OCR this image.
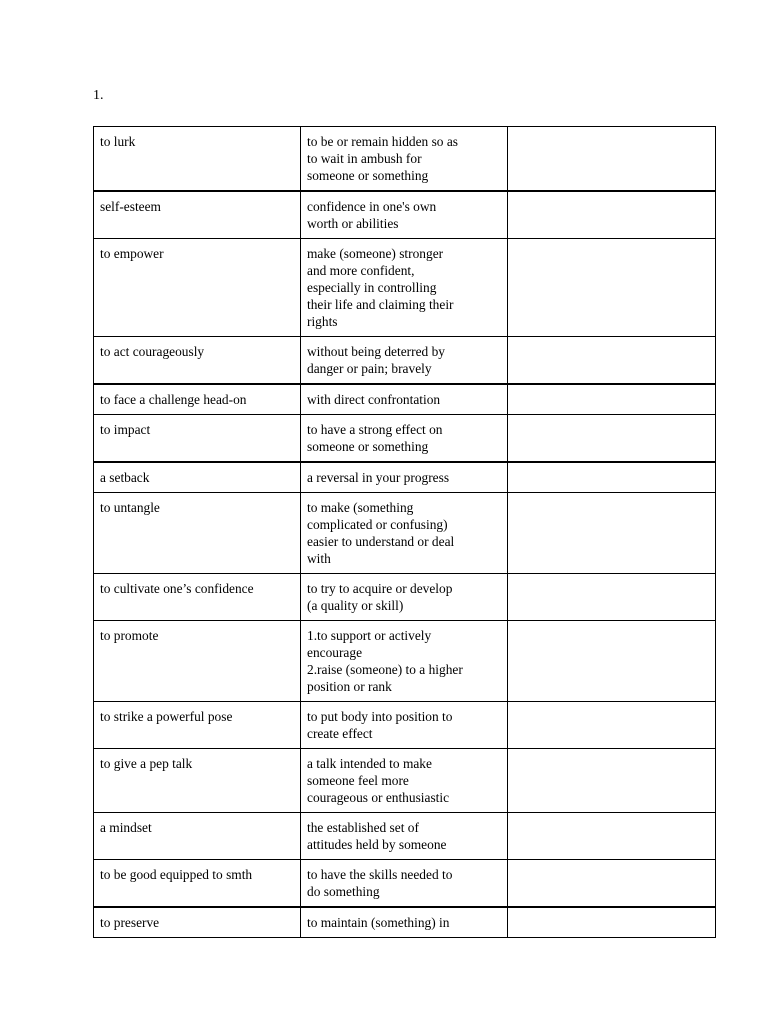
1.
to lurk	to be or remain hidden so as
to wait in ambush for
someone or something	
self-esteem	confidence in one's own
worth or abilities	
to empower	make (someone) stronger
and more confident,
especially in controlling
their life and claiming their
rights	
to act courageously	without being deterred by
danger or pain; bravely	
to face a challenge head-on	with direct confrontation	
to impact	to have a strong effect on
someone or something	
a setback	a reversal in your progress	
to untangle	to make (something
complicated or confusing)
easier to understand or deal
with	
to cultivate one’s confidence	to try to acquire or develop
(a quality or skill)	
to promote	1.to support or actively
encourage
2.raise (someone) to a higher
position or rank	
to strike a powerful pose	to put body into position to
create effect	
to give a pep talk	a talk intended to make
someone feel more
courageous or enthusiastic	
a mindset	the established set of
attitudes held by someone	
to be good equipped to smth	to have the skills needed to
do something	
to preserve	to maintain (something) in	
